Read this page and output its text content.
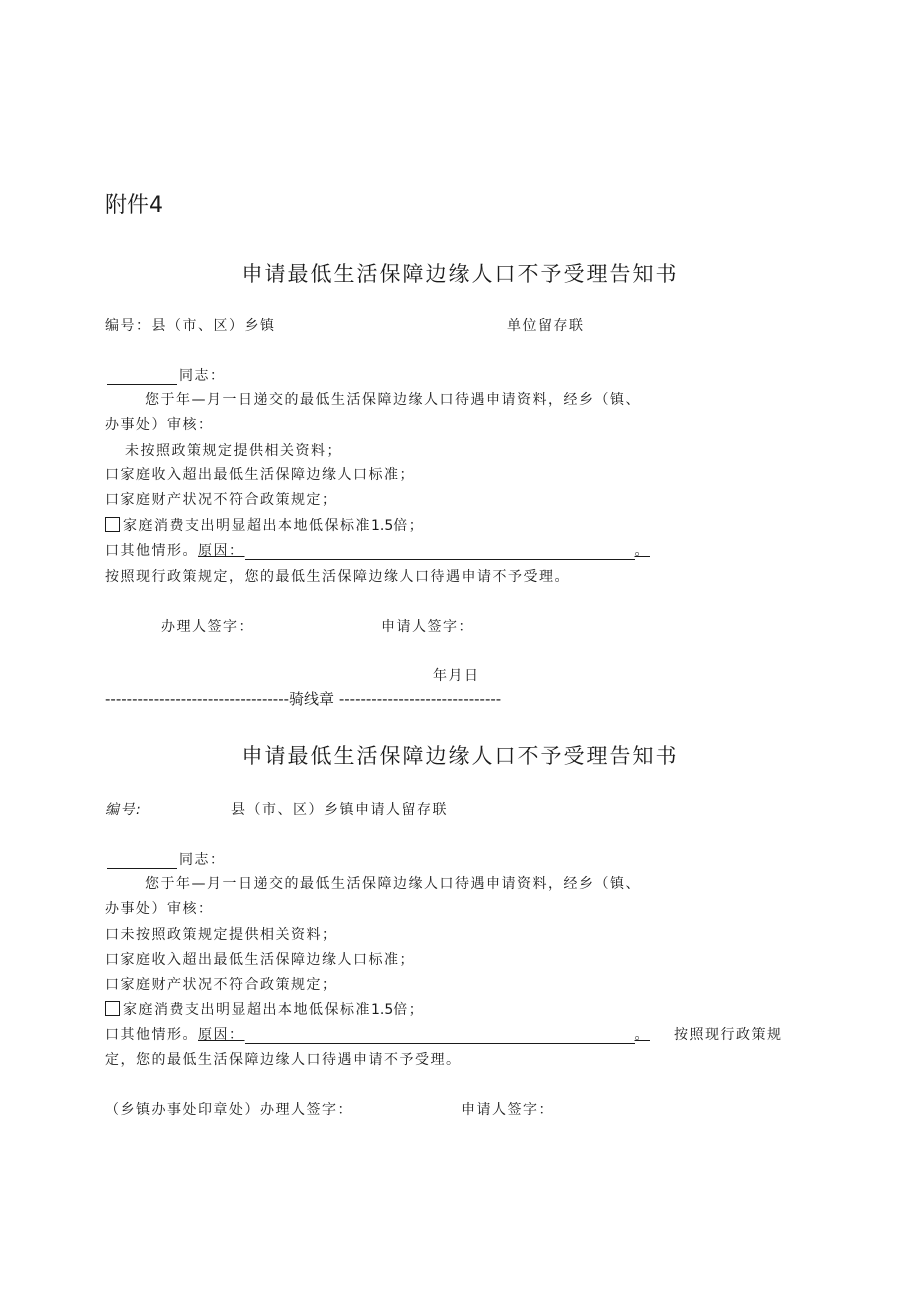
附件4
申请最低生活保障边缘人口不予受理告知书
编号：县（市、区）乡镇	单位留存联
同志：
您于年—月一日递交的最低生活保障边缘人口待遇申请资料，经乡（镇、
办事处）审核：
未按照政策规定提供相关资料；
口家庭收入超出最低生活保障边缘人口标准；
口家庭财产状况不符合政策规定；
家庭消费支出明显超出本地低保标准1.5倍；
口其他情形。原因：	。
按照现行政策规定，您的最低生活保障边缘人口待遇申请不予受理。
办理人签字：	申请人签字：
年月日
----------------------------------骑线章 ------------------------------
申请最低生活保障边缘人口不予受理告知书
编号:	县（市、区）乡镇申请人留存联
同志：
您于年—月一日递交的最低生活保障边缘人口待遇申请资料，经乡（镇、
办事处）审核：
口未按照政策规定提供相关资料；
口家庭收入超出最低生活保障边缘人口标准；
口家庭财产状况不符合政策规定；
家庭消费支出明显超出本地低保标准1.5倍；
口其他情形。原因：	。 按照现行政策规
定，您的最低生活保障边缘人口待遇申请不予受理。
（乡镇办事处印章处）办理人签字：	申请人签字：
